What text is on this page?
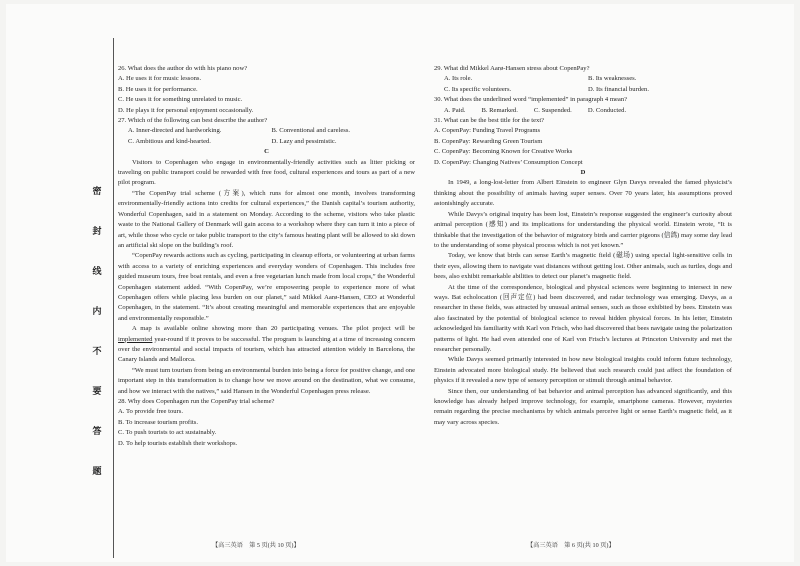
密
封
线
内
不
要
答
题

26. What does the author do with his piano now?

A. He uses it for music lessons.

B. He uses it for performance.

C. He uses it for something unrelated to music.

D. He plays it for personal enjoyment occasionally.

27. Which of the following can best describe the author?

A. Inner-directed and hardworking.	B. Conventional and careless.
C. Ambitious and kind-hearted.	D. Lazy and pessimistic.

C

Visitors to Copenhagen who engage in environmentally-friendly activities such as litter picking or traveling on public transport could be rewarded with free food, cultural experiences and tours as part of a new pilot program.

“The CopenPay trial scheme (方案), which runs for almost one month, involves transforming environmentally-friendly actions into credits for cultural experiences,” the Danish capital’s tourism authority, Wonderful Copenhagen, said in a statement on Monday. According to the scheme, visitors who take plastic waste to the National Gallery of Denmark will gain access to a workshop where they can turn it into a piece of art, while those who cycle or take public transport to the city’s famous heating plant will be allowed to ski down an artificial ski slope on the building’s roof.

“CopenPay rewards actions such as cycling, participating in cleanup efforts, or volunteering at urban farms with access to a variety of enriching experiences and everyday wonders of Copenhagen. This includes free guided museum tours, free boat rentals, and even a free vegetarian lunch made from local crops,” the Wonderful Copenhagen statement added. “With CopenPay, we’re empowering people to experience more of what Copenhagen offers while placing less burden on our planet,” said Mikkel Aarø-Hansen, CEO at Wonderful Copenhagen, in the statement. “It’s about creating meaningful and memorable experiences that are enjoyable and environmentally responsible.”

A map is available online showing more than 20 participating venues. The pilot project will be implemented year-round if it proves to be successful. The program is launching at a time of increasing concern over the environmental and social impacts of tourism, which has attracted attention widely in Barcelona, the Canary Islands and Mallorca.

“We must turn tourism from being an environmental burden into being a force for positive change, and one important step in this transformation is to change how we move around on the destination, what we consume, and how we interact with the natives,” said Hansen in the Wonderful Copenhagen press release.

28. Why does Copenhagen run the CopenPay trial scheme?

A. To provide free tours.

B. To increase tourism profits.

C. To push tourists to act sustainably.

D. To help tourists establish their workshops.

29. What did Mikkel Aarø-Hansen stress about CopenPay?

A. Its role.	B. Its weaknesses.
C. Its specific volunteers.	D. Its financial burden.

30. What does the underlined word “implemented” in paragraph 4 mean?

A. Paid. B. Remarked. C. Suspended. D. Conducted.

31. What can be the best title for the text?

A. CopenPay: Funding Travel Programs

B. CopenPay: Rewarding Green Tourism

C. CopenPay: Becoming Known for Creative Works

D. CopenPay: Changing Natives’ Consumption Concept

D

In 1949, a long-lost-letter from Albert Einstein to engineer Glyn Davys revealed the famed physicist’s thinking about the possibility of animals having super senses. Over 70 years later, his assumptions proved astonishingly accurate.

While Davys’s original inquiry has been lost, Einstein’s response suggested the engineer’s curiosity about animal perception (感知) and its implications for understanding the physical world. Einstein wrote, “It is thinkable that the investigation of the behavior of migratory birds and carrier pigeons (信鸽) may some day lead to the understanding of some physical process which is not yet known.”

Today, we know that birds can sense Earth’s magnetic field (磁场) using special light-sensitive cells in their eyes, allowing them to navigate vast distances without getting lost. Other animals, such as turtles, dogs and bees, also exhibit remarkable abilities to detect our planet’s magnetic field.

At the time of the correspondence, biological and physical sciences were beginning to intersect in new ways. Bat echolocation (回声定位) had been discovered, and radar technology was emerging. Davys, as a researcher in these fields, was attracted by unusual animal senses, such as those exhibited by bees. Einstein was also fascinated by the potential of biological science to reveal hidden physical forces. In his letter, Einstein acknowledged his familiarity with Karl von Frisch, who had discovered that bees navigate using the polarization patterns of light. He had even attended one of Karl von Frisch’s lectures at Princeton University and met the researcher personally.

While Davys seemed primarily interested in how new biological insights could inform future technology, Einstein advocated more biological study. He believed that such research could just affect the foundation of physics if it revealed a new type of sensory perception or stimuli through animal behavior.

Since then, our understanding of bat behavior and animal perception has advanced significantly, and this knowledge has already helped improve technology, for example, smartphone cameras. However, mysteries remain regarding the precise mechanisms by which animals perceive light or sense Earth’s magnetic field, as it may vary across species.

【高三英语　第 5 页(共 10 页)】	【高三英语　第 6 页(共 10 页)】
